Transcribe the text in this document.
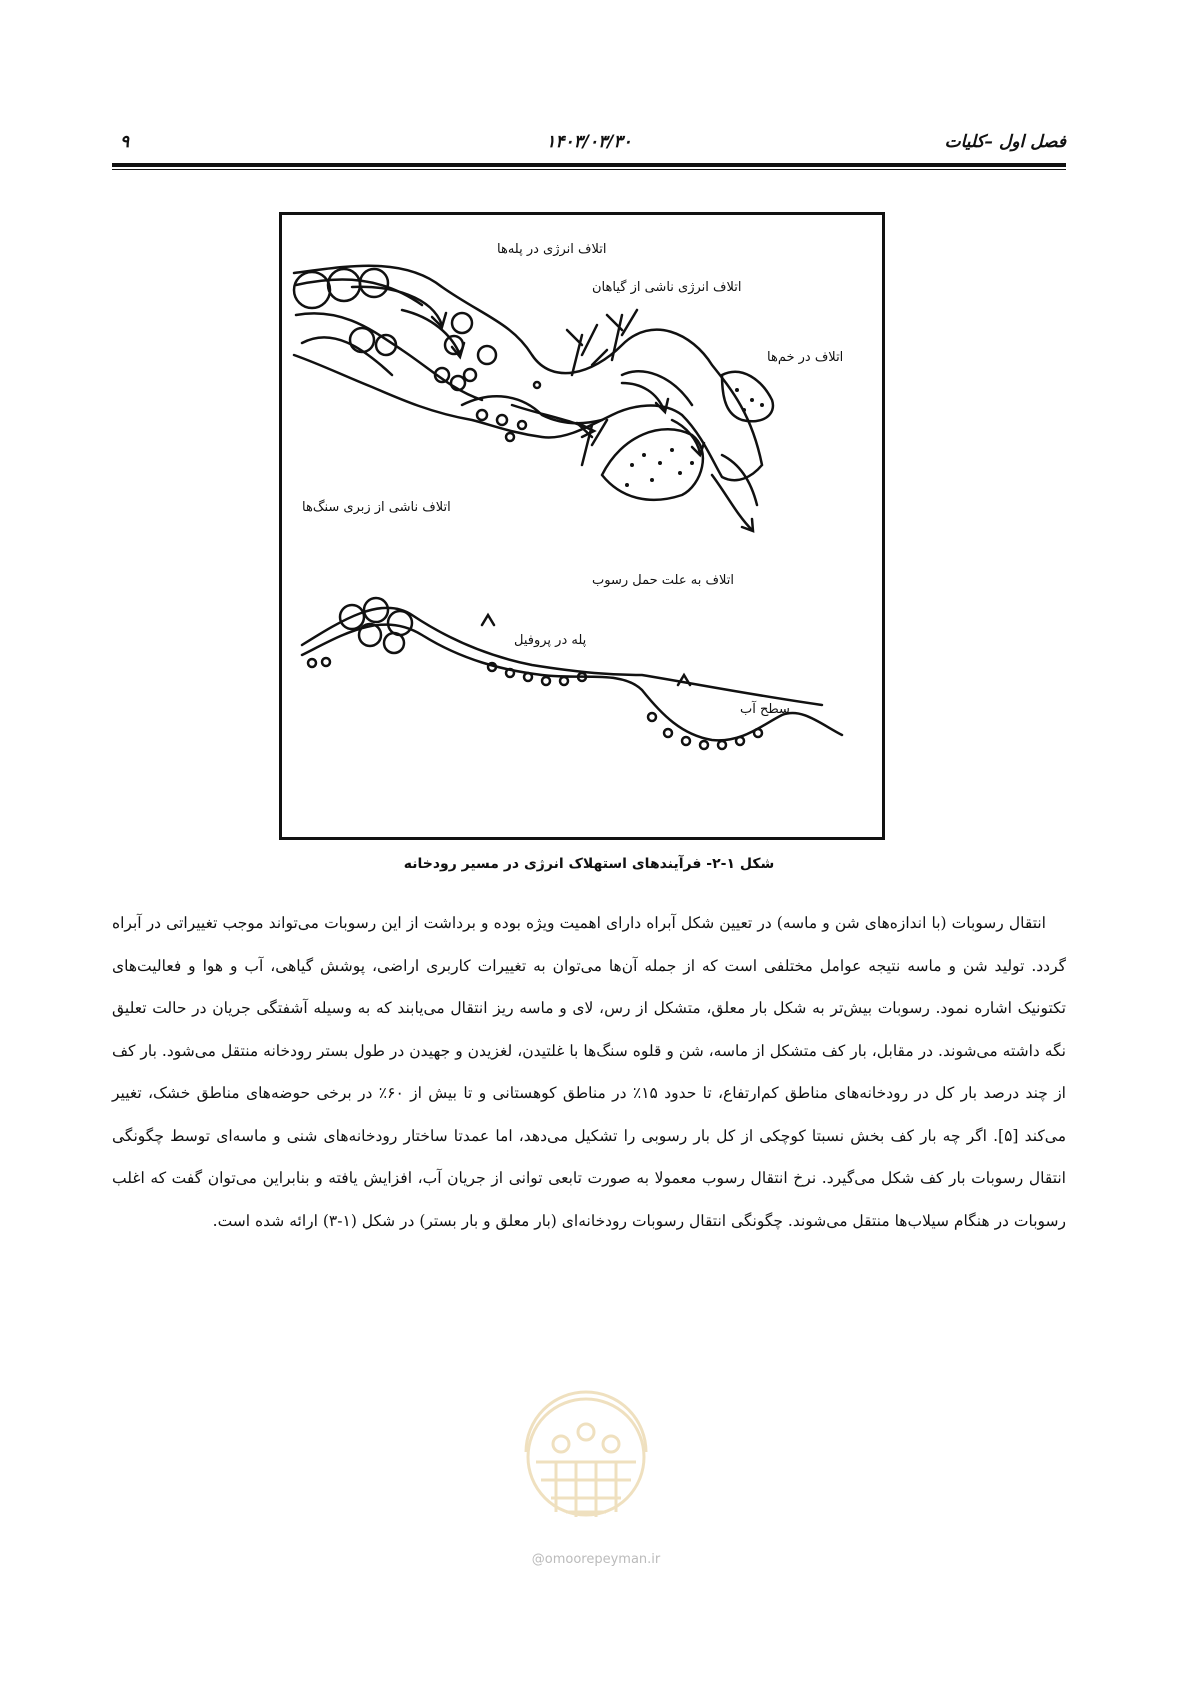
۹	۱۴۰۳/۰۳/۳۰	فصل اول –کلیات
اتلاف انرژی در پله‌ها
اتلاف انرژی ناشی از گیاهان
اتلاف در خم‌ها
اتلاف ناشی از زبری سنگ‌ها
اتلاف به علت حمل رسوب
پله در پروفیل
سطح آب
شکل ۱-۲- فرآیندهای استهلاک انرژی در مسیر رودخانه

انتقال رسوبات (با اندازه‌های شن و ماسه) در تعیین شکل آبراه دارای اهمیت ویژه بوده و برداشت از این رسوبات می‌تواند موجب تغییراتی در آبراه گردد. تولید شن و ماسه نتیجه عوامل مختلفی است که از جمله آن‌ها می‌توان به تغییرات کاربری اراضی، پوشش گیاهی، آب و هوا و فعالیت‌های تکتونیک اشاره نمود. رسوبات بیش‌تر به شکل بار معلق، متشکل از رس، لای و ماسه ریز انتقال می‌یابند که به وسیله آشفتگی جریان در حالت تعلیق نگه داشته می‌شوند. در مقابل، بار کف متشکل از ماسه، شن و قلوه سنگ‌ها با غلتیدن، لغزیدن و جهیدن در طول بستر رودخانه منتقل می‌شود. بار کف از چند درصد بار کل در رودخانه‌های مناطق کم‌ارتفاع، تا حدود ۱۵٪ در مناطق کوهستانی و تا بیش از ۶۰٪ در برخی حوضه‌های مناطق خشک، تغییر می‌کند [۵]. اگر چه بار کف بخش نسبتا کوچکی از کل بار رسوبی را تشکیل می‌دهد، اما عمدتا ساختار رودخانه‌های شنی و ماسه‌ای توسط چگونگی انتقال رسوبات بار کف شکل می‌گیرد. نرخ انتقال رسوب معمولا به صورت تابعی توانی از جریان آب، افزایش یافته و بنابراین می‌توان گفت که اغلب رسوبات در هنگام سیلاب‌ها منتقل می‌شوند. چگونگی انتقال رسوبات رودخانه‌ای (بار معلق و بار بستر) در شکل (۱-۳) ارائه شده است.

@omoorepeyman.ir
